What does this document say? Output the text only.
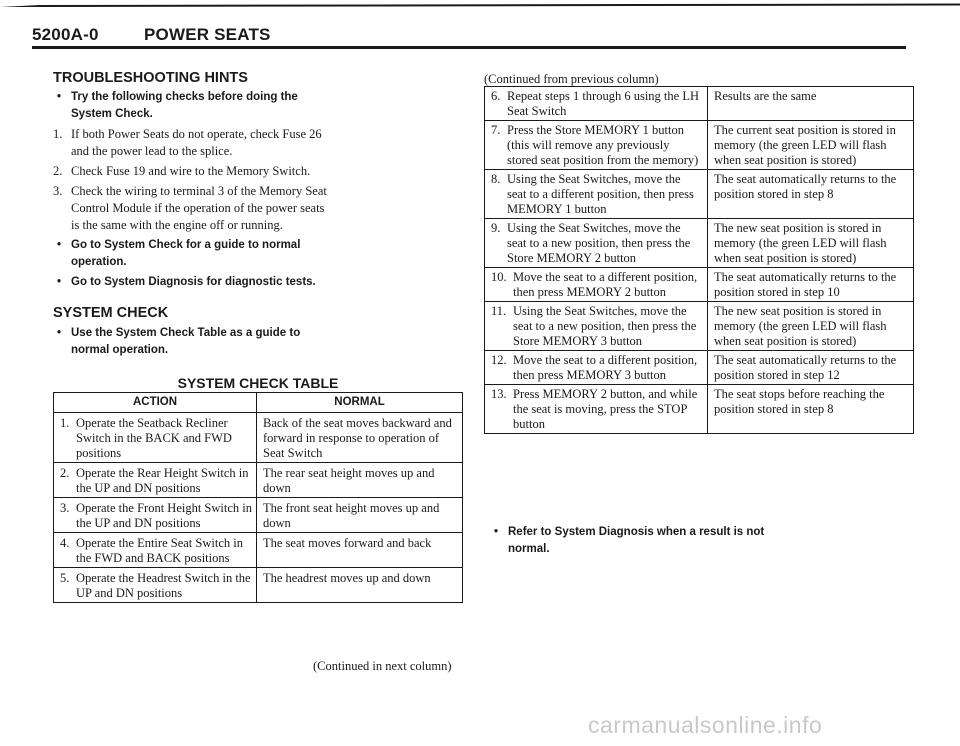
5200A-0	POWER SEATS
TROUBLESHOOTING HINTS

• Try the following checks before doing the System Check.

1. If both Power Seats do not operate, check Fuse 26 and the power lead to the splice.
2. Check Fuse 19 and wire to the Memory Switch.
3. Check the wiring to terminal 3 of the Memory Seat Control Module if the operation of the power seats is the same with the engine off or running.

• Go to System Check for a guide to normal operation.

• Go to System Diagnosis for diagnostic tests.

SYSTEM CHECK

• Use the System Check Table as a guide to normal operation.

SYSTEM CHECK TABLE
ACTION	NORMAL

1. Operate the Seatback Recliner Switch in the BACK and FWD positions	Back of the seat moves backward and forward in response to operation of Seat Switch

2. Operate the Rear Height Switch in the UP and DN positions	The rear seat height moves up and down

3. Operate the Front Height Switch in the UP and DN positions	The front seat height moves up and down

4. Operate the Entire Seat Switch in the FWD and BACK positions	The seat moves forward and back

5. Operate the Headrest Switch in the UP and DN positions	The headrest moves up and down
(Continued in next column)
(Continued from previous column)
6. Repeat steps 1 through 6 using the LH Seat Switch	Results are the same

7. Press the Store MEMORY 1 button (this will remove any previously stored seat position from the memory)	The current seat position is stored in memory (the green LED will flash when seat position is stored)

8. Using the Seat Switches, move the seat to a different position, then press MEMORY 1 button	The seat automatically returns to the position stored in step 8

9. Using the Seat Switches, move the seat to a new position, then press the Store MEMORY 2 button	The new seat position is stored in memory (the green LED will flash when seat position is stored)

10. Move the seat to a different position, then press MEMORY 2 button	The seat automatically returns to the position stored in step 10

11. Using the Seat Switches, move the seat to a new position, then press the Store MEMORY 3 button	The new seat position is stored in memory (the green LED will flash when seat position is stored)

12. Move the seat to a different position, then press MEMORY 3 button	The seat automatically returns to the position stored in step 12

13. Press MEMORY 2 button, and while the seat is moving, press the STOP button	The seat stops before reaching the position stored in step 8
• Refer to System Diagnosis when a result is not normal.
carmanualsonline.info
